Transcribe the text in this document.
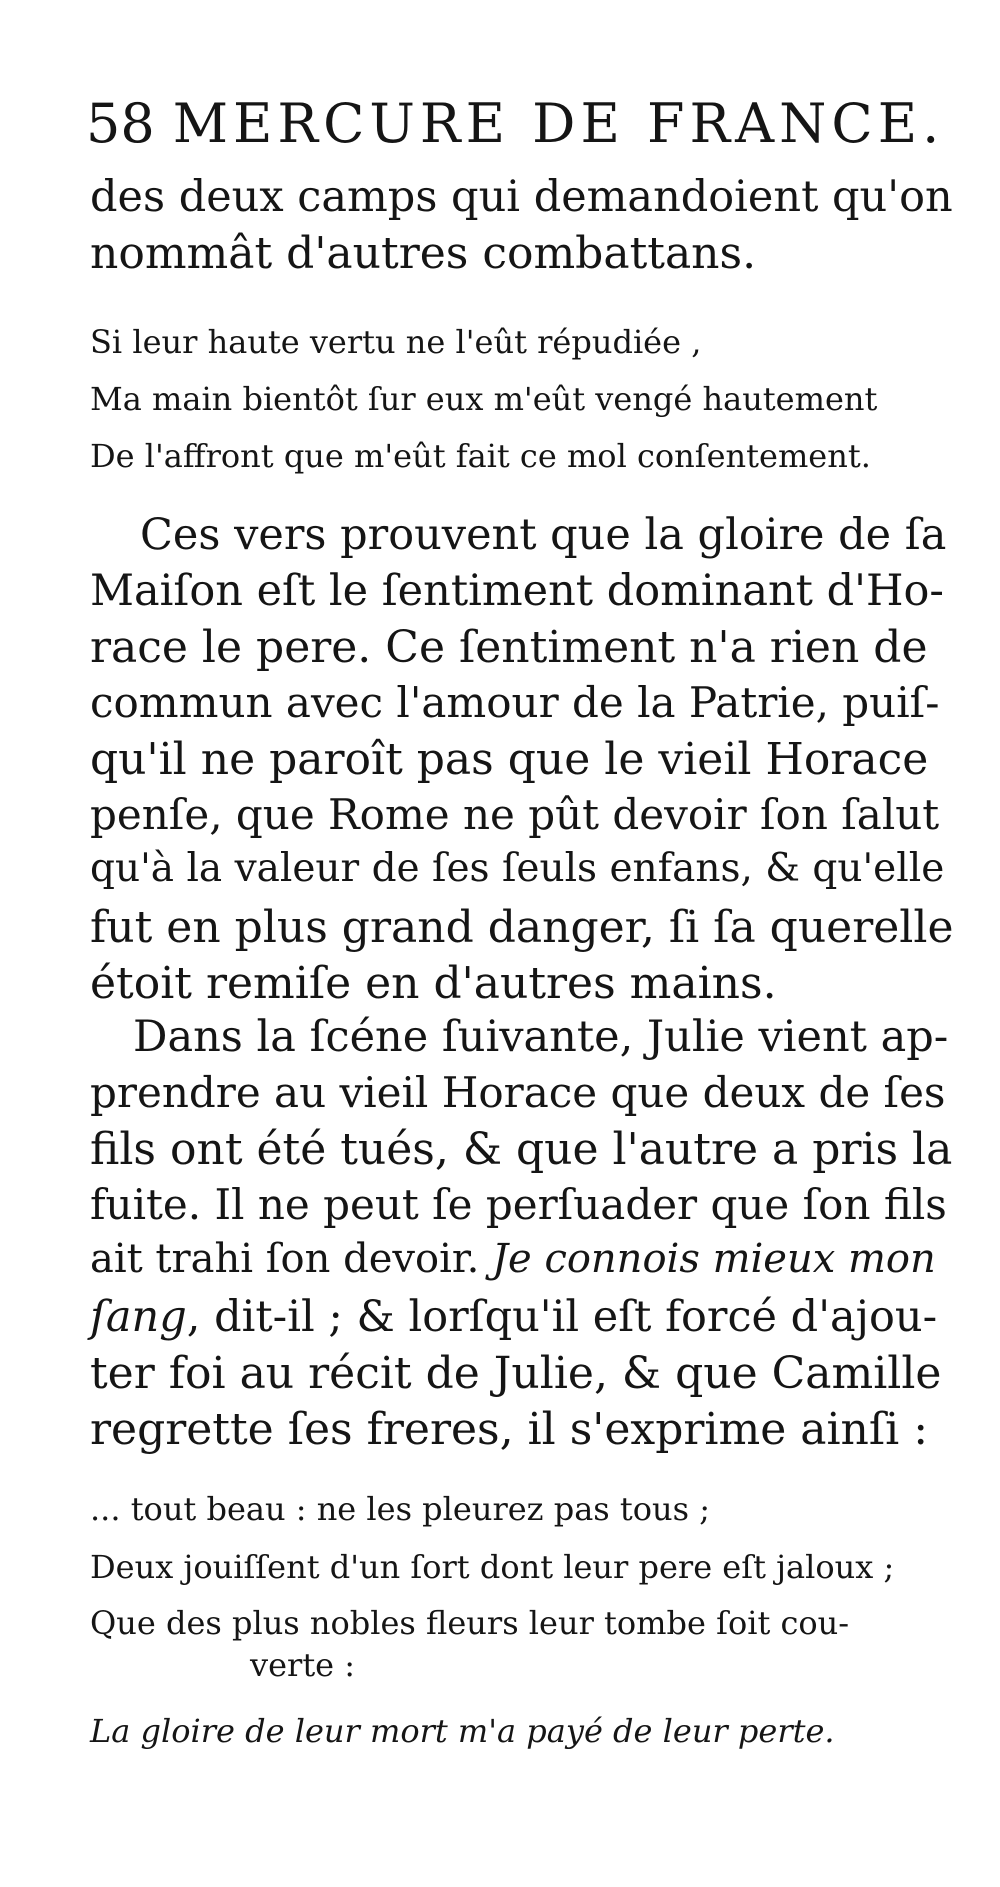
58 MERCURE DE FRANCE.
des deux camps qui demandoient qu'on
nommât d'autres combattans.
Si leur haute vertu ne l'eût répudiée ,
Ma main bientôt ſur eux m'eût vengé hautement
De l'affront que m'eût fait ce mol conſentement.
Ces vers prouvent que la gloire de ſa
Maiſon eſt le ſentiment dominant d'Ho-
race le pere. Ce ſentiment n'a rien de
commun avec l'amour de la Patrie, puiſ-
qu'il ne paroît pas que le vieil Horace
penſe, que Rome ne pût devoir ſon ſalut
qu'à la valeur de ſes ſeuls enfans, & qu'elle
fut en plus grand danger, ſi ſa querelle
étoit remiſe en d'autres mains.
Dans la ſcéne ſuivante, Julie vient ap-
prendre au vieil Horace que deux de ſes
fils ont été tués, & que l'autre a pris la
fuite. Il ne peut ſe perſuader que ſon fils
ait trahi ſon devoir. Je connois mieux mon
ſang, dit-il ; & lorſqu'il eſt forcé d'ajou-
ter foi au récit de Julie, & que Camille
regrette ſes freres, il s'exprime ainſi :
... tout beau : ne les pleurez pas tous ;
Deux jouiſſent d'un ſort dont leur pere eſt jaloux ;
Que des plus nobles fleurs leur tombe ſoit cou-
verte :
La gloire de leur mort m'a payé de leur perte.
